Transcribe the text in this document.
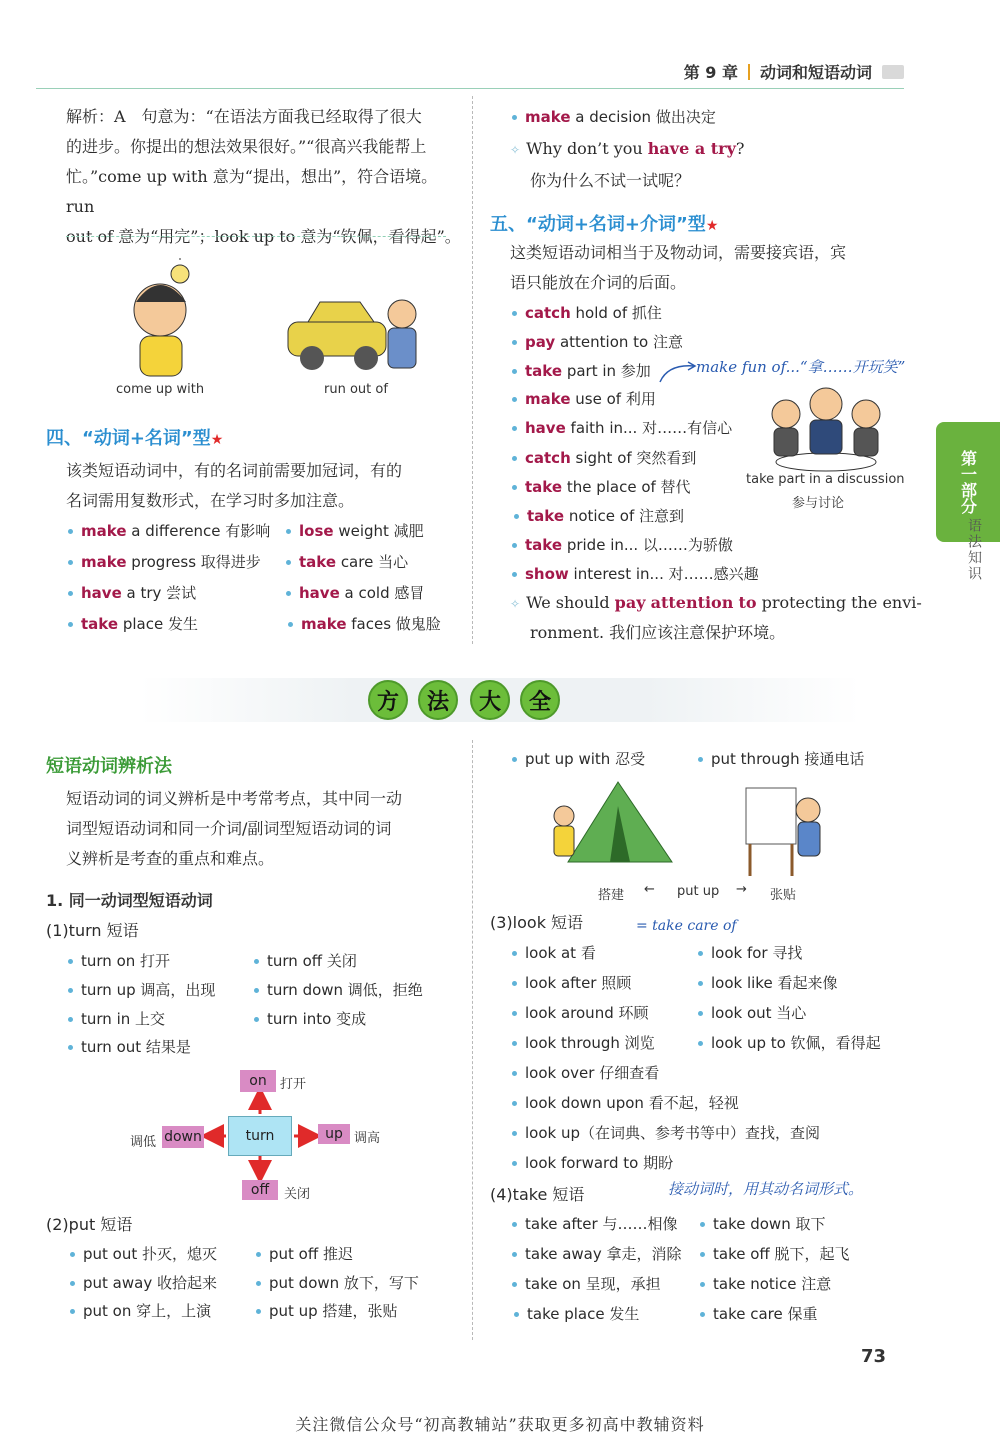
第 9 章 动词和短语动词
解析：A　句意为：“在语法方面我已经取得了很大
的进步。你提出的想法效果很好。”“很高兴我能帮上
忙。”come up with 意为“提出，想出”，符合语境。run
out of 意为“用完”；look up to 意为“钦佩，看得起”。
come up with	run out of
四、“动词+名词”型★
该类短语动词中，有的名词前需要加冠词，有的
名词需用复数形式，在学习时多加注意。
make a difference 有影响	lose weight 减肥
make progress 取得进步	take care 当心
have a try 尝试	have a cold 感冒
take place 发生	make faces 做鬼脸
make a decision 做出决定
✧ Why don’t you have a try?
你为什么不试一试呢？
五、“动词+名词+介词”型★
这类短语动词相当于及物动词，需要接宾语，宾
语只能放在介词的后面。
catch hold of 抓住
pay attention to 注意
take part in 参加
make use of 利用
have faith in... 对……有信心
catch sight of 突然看到
take the place of 替代
take notice of 注意到
take pride in... 以……为骄傲
show interest in... 对……感兴趣
make fun of...“拿……开玩笑”
take part in a discussion
参与讨论
✧ We should pay attention to protecting the envi-
ronment. 我们应该注意保护环境。
第一部分
语法知识
方	法	大	全
短语动词辨析法
短语动词的词义辨析是中考常考点，其中同一动
词型短语动词和同一介词/副词型短语动词的词
义辨析是考查的重点和难点。
1. 同一动词型短语动词
(1)turn 短语
turn on 打开	turn off 关闭
turn up 调高，出现	turn down 调低，拒绝
turn in 上交	turn into 变成
turn out 结果是
turn
on	打开
down
调低
up 调高
off	关闭
(2)put 短语
put out 扑灭，熄灭	put off 推迟
put away 收拾起来	put down 放下，写下
put on 穿上，上演	put up 搭建，张贴
put up with 忍受	put through 接通电话
搭建 ← put up → 张贴
(3)look 短语	= take care of
look at 看	look for 寻找
look after 照顾	look like 看起来像
look around 环顾	look out 当心
look through 浏览	look up to 钦佩，看得起
look over 仔细查看
look down upon 看不起，轻视
look up（在词典、参考书等中）查找，查阅
look forward to 期盼
接动词时，用其动名词形式。
(4)take 短语
take after 与……相像	take down 取下
take away 拿走，消除	take off 脱下，起飞
take on 呈现，承担	take notice 注意
take place 发生	take care 保重
73
关注微信公众号“初高教辅站”获取更多初高中教辅资料
